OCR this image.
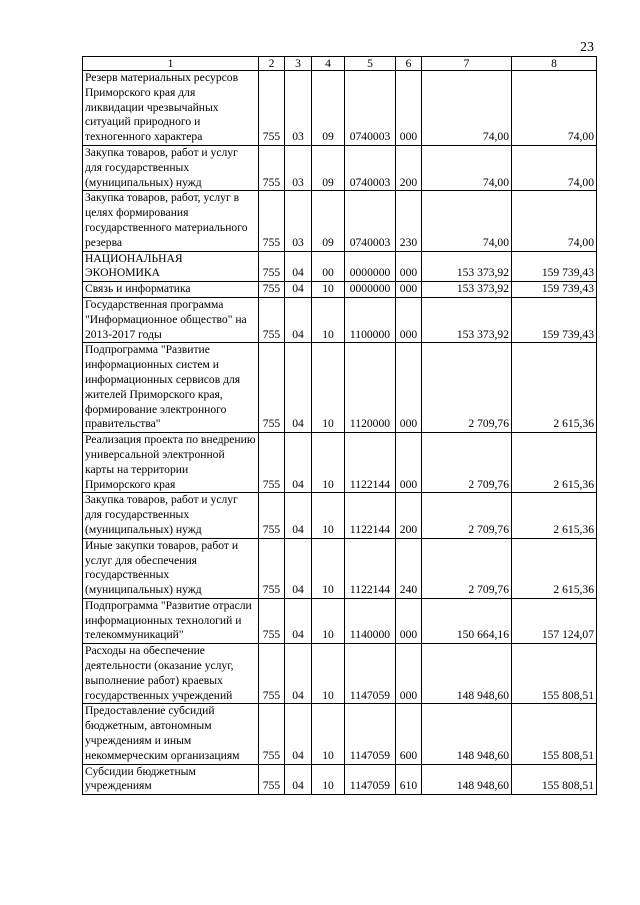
23
1	2	3	4	5	6	7	8
Резерв материальных ресурсов Приморского края для ликвидации чрезвычайных ситуаций природного и техногенного характера	755	03	09	0740003	000	74,00	74,00
Закупка товаров, работ и услуг для государственных (муниципальных) нужд	755	03	09	0740003	200	74,00	74,00
Закупка товаров, работ, услуг в целях формирования государственного материального резерва	755	03	09	0740003	230	74,00	74,00
НАЦИОНАЛЬНАЯ ЭКОНОМИКА	755	04	00	0000000	000	153 373,92	159 739,43
Связь и информатика	755	04	10	0000000	000	153 373,92	159 739,43
Государственная программа "Информационное общество" на 2013-2017 годы	755	04	10	1100000	000	153 373,92	159 739,43
Подпрограмма "Развитие информационных систем и информационных сервисов для жителей Приморского края, формирование электронного правительства"	755	04	10	1120000	000	2 709,76	2 615,36
Реализация проекта по внедрению универсальной электронной карты на территории Приморского края	755	04	10	1122144	000	2 709,76	2 615,36
Закупка товаров, работ и услуг для государственных (муниципальных) нужд	755	04	10	1122144	200	2 709,76	2 615,36
Иные закупки товаров, работ и услуг для обеспечения государственных (муниципальных) нужд	755	04	10	1122144	240	2 709,76	2 615,36
Подпрограмма "Развитие отрасли информационных технологий и телекоммуникаций"	755	04	10	1140000	000	150 664,16	157 124,07
Расходы на обеспечение деятельности (оказание услуг, выполнение работ) краевых государственных учреждений	755	04	10	1147059	000	148 948,60	155 808,51
Предоставление субсидий бюджетным, автономным учреждениям и иным некоммерческим организациям	755	04	10	1147059	600	148 948,60	155 808,51
Субсидии бюджетным учреждениям	755	04	10	1147059	610	148 948,60	155 808,51
